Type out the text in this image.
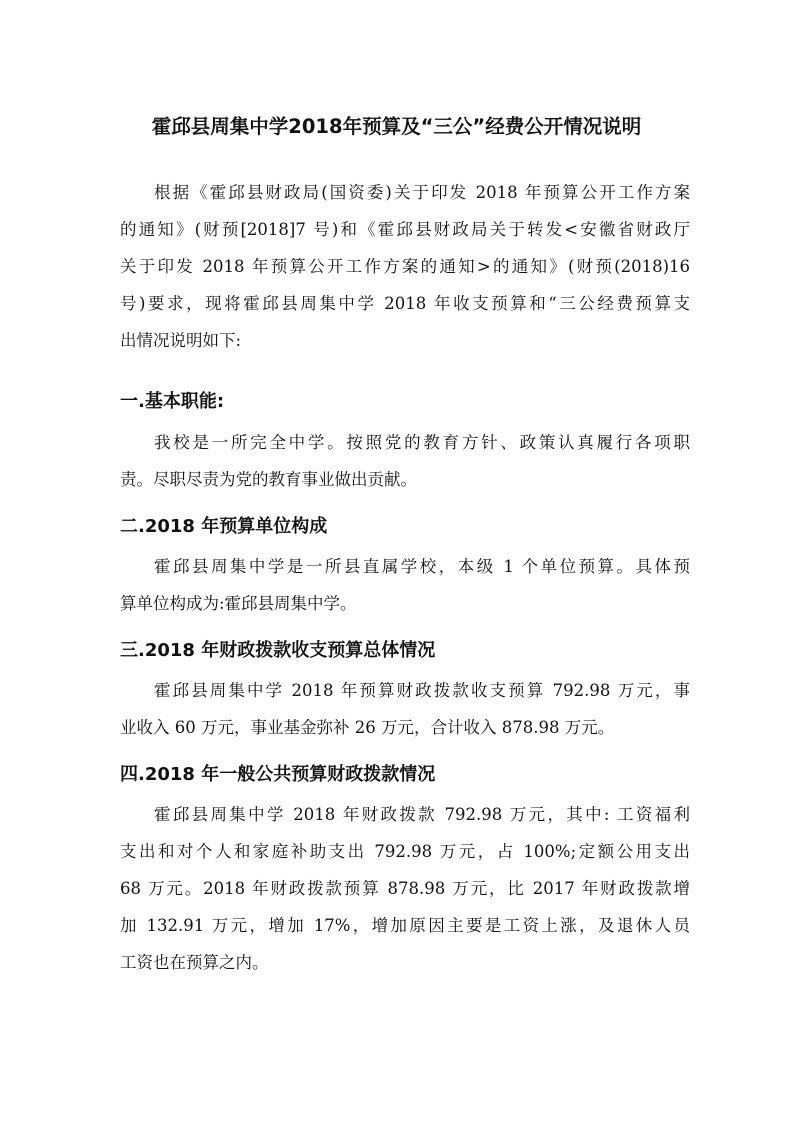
霍邱县周集中学2018年预算及“三公”经费公开情况说明
根据《霍邱县财政局(国资委)关于印发 2018 年预算公开工作方案
的通知》(财预[2018]7 号)和《霍邱县财政局关于转发<安徽省财政厅
关于印发 2018 年预算公开工作方案的通知>的通知》(财预(2018)16
号)要求，现将霍邱县周集中学 2018 年收支预算和“三公经费预算支
出情况说明如下:
一.基本职能:
我校是一所完全中学。按照党的教育方针、政策认真履行各项职
责。尽职尽责为党的教育事业做出贡献。
二.2018 年预算单位构成
霍邱县周集中学是一所县直属学校，本级 1 个单位预算。具体预
算单位构成为:霍邱县周集中学。
三.2018 年财政拨款收支预算总体情况
霍邱县周集中学 2018 年预算财政拨款收支预算 792.98 万元，事
业收入 60 万元，事业基金弥补 26 万元，合计收入 878.98 万元。
四.2018 年一般公共预算财政拨款情况
霍邱县周集中学 2018 年财政拨款 792.98 万元，其中: 工资福利
支出和对个人和家庭补助支出 792.98 万元，占 100%;定额公用支出
68 万元。2018 年财政拨款预算 878.98 万元，比 2017 年财政拨款增
加 132.91 万元，增加 17%，增加原因主要是工资上涨，及退休人员
工资也在预算之内。
